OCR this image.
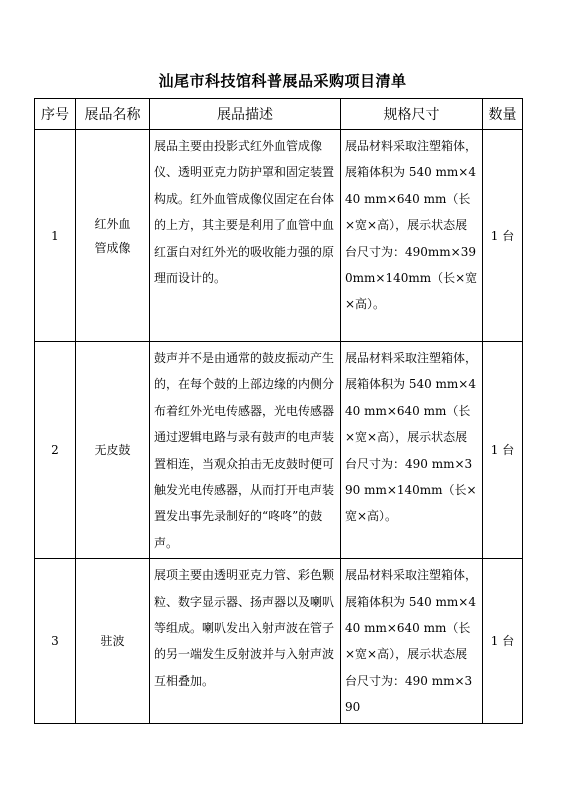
汕尾市科技馆科普展品采购项目清单
序号	展品名称	展品描述	规格尺寸	数量
1	红外血管成像	展品主要由投影式红外血管成像仪、透明亚克力防护罩和固定装置构成。红外血管成像仪固定在台体的上方，其主要是利用了血管中血红蛋白对红外光的吸收能力强的原理而设计的。	展品材料采取注塑箱体，展箱体积为 540 mm×440 mm×640 mm（长×宽×高），展示状态展台尺寸为：490mm×390mm×140mm（长×宽×高）。	1 台
2	无皮鼓	鼓声并不是由通常的鼓皮振动产生的，在每个鼓的上部边缘的内侧分布着红外光电传感器，光电传感器通过逻辑电路与录有鼓声的电声装置相连，当观众拍击无皮鼓时便可触发光电传感器，从而打开电声装置发出事先录制好的“咚咚”的鼓声。	展品材料采取注塑箱体，展箱体积为 540 mm×440 mm×640 mm（长×宽×高），展示状态展台尺寸为：490 mm×390 mm×140mm（长×宽×高）。	1 台
3	驻波	展项主要由透明亚克力管、彩色颗粒、数字显示器、扬声器以及喇叭等组成。喇叭发出入射声波在管子的另一端发生反射波并与入射声波互相叠加。	展品材料采取注塑箱体，展箱体积为 540 mm×440 mm×640 mm（长×宽×高），展示状态展台尺寸为：490 mm×390	1 台
